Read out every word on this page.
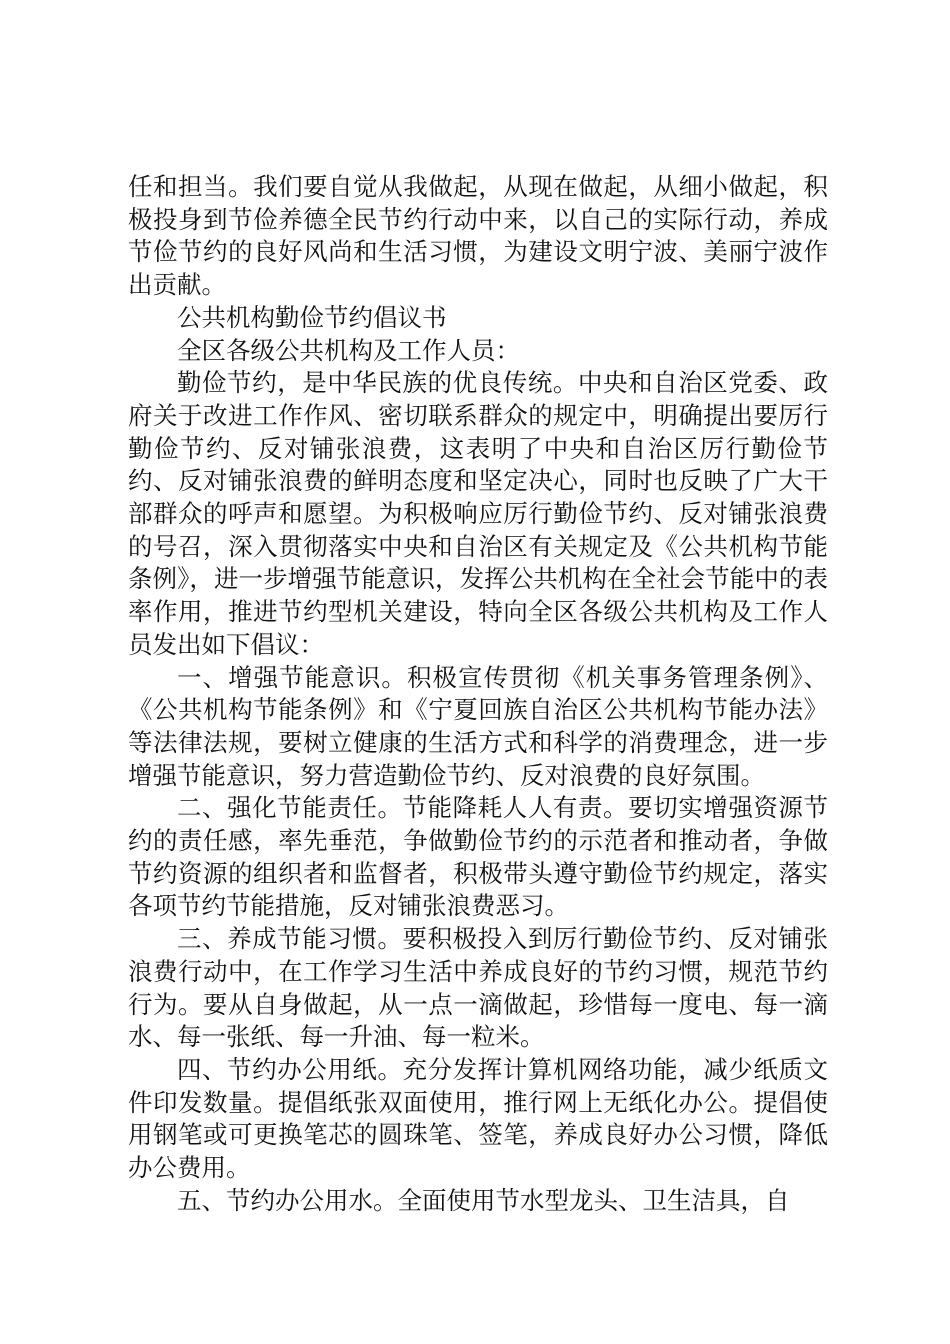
任和担当。我们要自觉从我做起，从现在做起，从细小做起，积极投身到节俭养德全民节约行动中来，以自己的实际行动，养成节俭节约的良好风尚和生活习惯，为建设文明宁波、美丽宁波作出贡献。

公共机构勤俭节约倡议书

全区各级公共机构及工作人员：

勤俭节约，是中华民族的优良传统。中央和自治区党委、政府关于改进工作作风、密切联系群众的规定中，明确提出要厉行勤俭节约、反对铺张浪费，这表明了中央和自治区厉行勤俭节约、反对铺张浪费的鲜明态度和坚定决心，同时也反映了广大干部群众的呼声和愿望。为积极响应厉行勤俭节约、反对铺张浪费的号召，深入贯彻落实中央和自治区有关规定及《公共机构节能条例》，进一步增强节能意识，发挥公共机构在全社会节能中的表率作用，推进节约型机关建设，特向全区各级公共机构及工作人员发出如下倡议：

一、增强节能意识。积极宣传贯彻《机关事务管理条例》、《公共机构节能条例》和《宁夏回族自治区公共机构节能办法》等法律法规，要树立健康的生活方式和科学的消费理念，进一步增强节能意识，努力营造勤俭节约、反对浪费的良好氛围。

二、强化节能责任。节能降耗人人有责。要切实增强资源节约的责任感，率先垂范，争做勤俭节约的示范者和推动者，争做节约资源的组织者和监督者，积极带头遵守勤俭节约规定，落实各项节约节能措施，反对铺张浪费恶习。

三、养成节能习惯。要积极投入到厉行勤俭节约、反对铺张浪费行动中，在工作学习生活中养成良好的节约习惯，规范节约行为。要从自身做起，从一点一滴做起，珍惜每一度电、每一滴水、每一张纸、每一升油、每一粒米。

四、节约办公用纸。充分发挥计算机网络功能，减少纸质文件印发数量。提倡纸张双面使用，推行网上无纸化办公。提倡使用钢笔或可更换笔芯的圆珠笔、签笔，养成良好办公习惯，降低办公费用。

五、节约办公用水。全面使用节水型龙头、卫生洁具，自
